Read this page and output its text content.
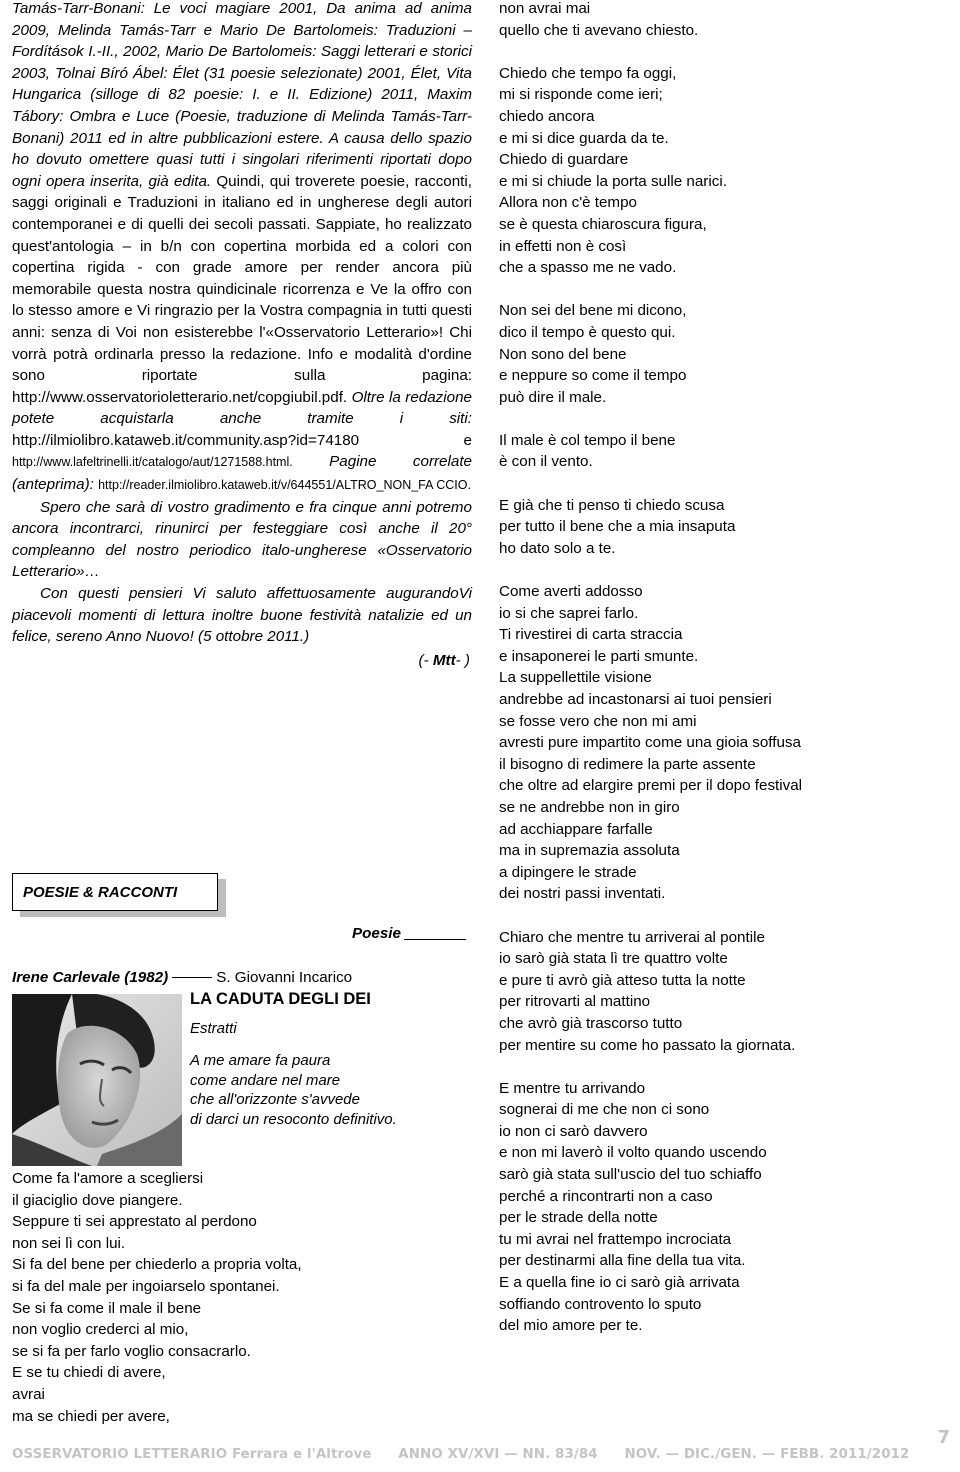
Tamás-Tarr-Bonani: Le voci magiare 2001, Da anima ad anima 2009, Melinda Tamás-Tarr e Mario De Bartolomeis: Traduzioni – Fordítások I.-II., 2002, Mario De Bartolomeis: Saggi letterari e storici 2003, Tolnai Bíró Ábel: Élet (31 poesie selezionate) 2001, Élet, Vita Hungarica (silloge di 82 poesie: I. e II. Edizione) 2011, Maxim Tábory: Ombra e Luce (Poesie, traduzione di Melinda Tamás-Tarr-Bonani) 2011 ed in altre pubblicazioni estere. A causa dello spazio ho dovuto omettere quasi tutti i singolari riferimenti riportati dopo ogni opera inserita, già edita. Quindi, qui troverete poesie, racconti, saggi originali e Traduzioni in italiano ed in ungherese degli autori contemporanei e di quelli dei secoli passati. Sappiate, ho realizzato quest'antologia – in b/n con copertina morbida ed a colori con copertina rigida - con grade amore per render ancora più memorabile questa nostra quindicinale ricorrenza e Ve la offro con lo stesso amore e Vi ringrazio per la Vostra compagnia in tutti questi anni: senza di Voi non esisterebbe l'«Osservatorio Letterario»! Chi vorrà potrà ordinarla presso la redazione. Info e modalità d'ordine sono riportate sulla pagina: http://www.osservatorioletterario.net/copgiubil.pdf. Oltre la redazione potete acquistarla anche tramite i siti: http://ilmiolibro.kataweb.it/community.asp?id=74180 e http://www.lafeltrinelli.it/catalogo/aut/1271588.html. Pagine correlate (anteprima): http://reader.ilmiolibro.kataweb.it/v/644551/ALTRO_NON_FA CCIO.

Spero che sarà di vostro gradimento e fra cinque anni potremo ancora incontrarci, rinunirci per festeggiare così anche il 20° compleanno del nostro periodico italo-ungherese «Osservatorio Letterario»…

Con questi pensieri Vi saluto affettuosamente augurandoVi piacevoli momenti di lettura inoltre buone festività natalizie ed un felice, sereno Anno Nuovo! (5 ottobre 2011.)

(- Mtt- )
POESIE & RACCONTI
Poesie
Irene Carlevale (1982)	S. Giovanni Incarico
LA CADUTA DEGLI DEI
Estratti
A me amare fa paura
come andare nel mare
che all'orizzonte s'avvede
di darci un resoconto definitivo.
Come fa l'amore a scegliersi
il giaciglio dove piangere.
Seppure ti sei apprestato al perdono
non sei lì con lui.
Si fa del bene per chiederlo a propria volta,
si fa del male per ingoiarselo spontanei.
Se si fa come il male il bene
non voglio crederci al mio,
se si fa per farlo voglio consacrarlo.
E se tu chiedi di avere,
avrai
ma se chiedi per avere,
non avrai mai
quello che ti avevano chiesto.
Chiedo che tempo fa oggi,
mi si risponde come ieri;
chiedo ancora
e mi si dice guarda da te.
Chiedo di guardare
e mi si chiude la porta sulle narici.
Allora non c'è tempo
se è questa chiaroscura figura,
in effetti non è così
che a spasso me ne vado.
Non sei del bene mi dicono,
dico il tempo è questo qui.
Non sono del bene
e neppure so come il tempo
può dire il male.
Il male è col tempo il bene
è con il vento.
E già che ti penso ti chiedo scusa
per tutto il bene che a mia insaputa
ho dato solo a te.
Come averti addosso
io si che saprei farlo.
Ti rivestirei di carta straccia
e insaponerei le parti smunte.
La suppellettile visione
andrebbe ad incastonarsi ai tuoi pensieri
se fosse vero che non mi ami
avresti pure impartito come una gioia soffusa
il bisogno di redimere la parte assente
che oltre ad elargire premi per il dopo festival
se ne andrebbe non in giro
ad acchiappare farfalle
ma in supremazia assoluta
a dipingere le strade
dei nostri passi inventati.
Chiaro che mentre tu arriverai al pontile
io sarò già stata lì tre quattro volte
e pure ti avrò già atteso tutta la notte
per ritrovarti al mattino
che avrò già trascorso tutto
per mentire su come ho passato la giornata.
E mentre tu arrivando
sognerai di me che non ci sono
io non ci sarò davvero
e non mi laverò il volto quando uscendo
sarò già stata sull'uscio del tuo schiaffo
perché a rincontrarti non a caso
per le strade della notte
tu mi avrai nel frattempo incrociata
per destinarmi alla fine della tua vita.
E a quella fine io ci sarò già arrivata
soffiando controvento lo sputo
del mio amore per te.
OSSERVATORIO LETTERARIO Ferrara e l'Altrove ANNO XV/XVI — NN. 83/84 NOV. — DIC./GEN. — FEBB. 2011/2012
7
